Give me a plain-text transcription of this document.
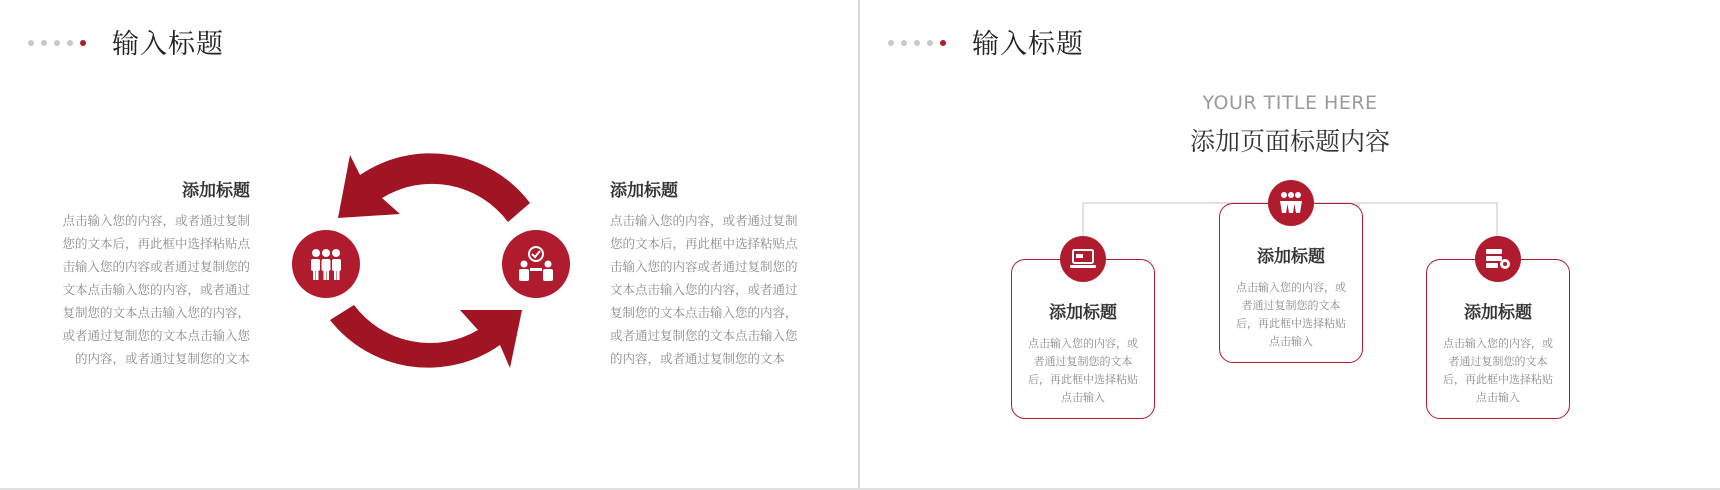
输入标题
添加标题

点击输入您的内容，或者通过复制您的文本后，再此框中选择粘贴点击输入您的内容或者通过复制您的文本点击输入您的内容，或者通过复制您的文本点击输入您的内容，或者通过复制您的文本点击输入您的内容，或者通过复制您的文本

添加标题

点击输入您的内容，或者通过复制您的文本后，再此框中选择粘贴点击输入您的内容或者通过复制您的文本点击输入您的内容，或者通过复制您的文本点击输入您的内容，或者通过复制您的文本点击输入您的内容，或者通过复制您的文本

输入标题
YOUR TITLE HERE
添加页面标题内容
添加标题

点击输入您的内容，或者通过复制您的文本后，再此框中选择粘贴点击输入

添加标题

点击输入您的内容，或者通过复制您的文本后，再此框中选择粘贴点击输入

添加标题

点击输入您的内容，或者通过复制您的文本后，再此框中选择粘贴点击输入
